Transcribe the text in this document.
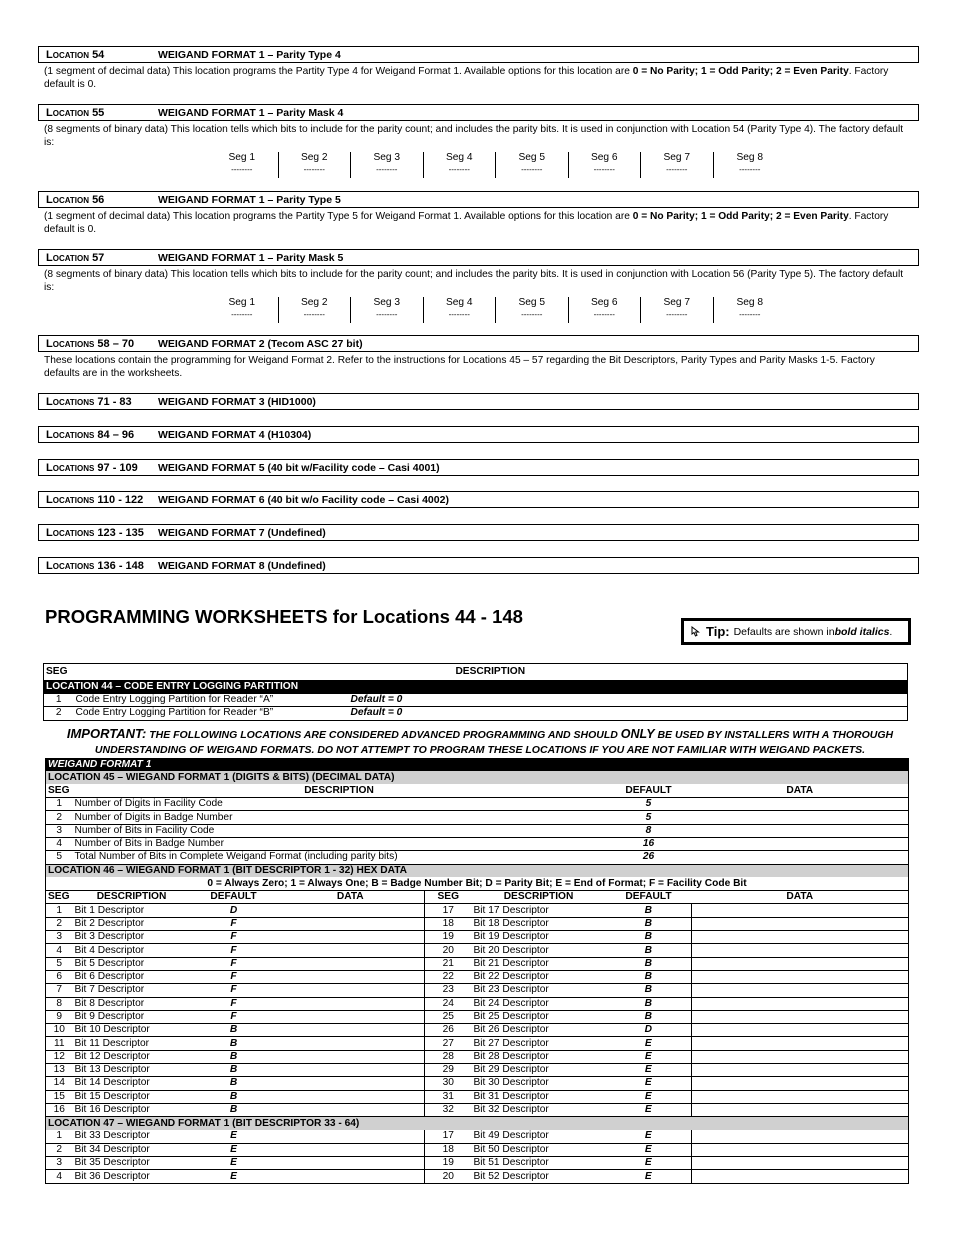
Location 54	WEIGAND FORMAT 1 – Parity Type 4
(1 segment of decimal data) This location programs the Partity Type 4 for Weigand Format 1. Available options for this location are 0 = No Parity; 1 = Odd Parity; 2 = Even Parity. Factory default is 0.
Location 55	WEIGAND FORMAT 1 – Parity Mask 4
(8 segments of binary data) This location tells which bits to include for the parity count; and includes the parity bits. It is used in conjunction with Location 54 (Parity Type 4). The factory default is:
Seg 1
--------
Seg 2
--------
Seg 3
--------
Seg 4
--------
Seg 5
--------
Seg 6
--------
Seg 7
--------
Seg 8
--------
Location 56	WEIGAND FORMAT 1 – Parity Type 5
(1 segment of decimal data) This location programs the Partity Type 5 for Weigand Format 1. Available options for this location are 0 = No Parity; 1 = Odd Parity; 2 = Even Parity. Factory default is 0.
Location 57	WEIGAND FORMAT 1 – Parity Mask 5
(8 segments of binary data) This location tells which bits to include for the parity count; and includes the parity bits. It is used in conjunction with Location 56 (Parity Type 5). The factory default is:
Seg 1
--------
Seg 2
--------
Seg 3
--------
Seg 4
--------
Seg 5
--------
Seg 6
--------
Seg 7
--------
Seg 8
--------
Locations 58 – 70	WEIGAND FORMAT 2 (Tecom ASC 27 bit)
These locations contain the programming for Weigand Format 2. Refer to the instructions for Locations 45 – 57 regarding the Bit Descriptors, Parity Types and Parity Masks 1-5. Factory defaults are in the worksheets.
Locations 71 - 83	WEIGAND FORMAT 3 (HID1000)
Locations 84 – 96	WEIGAND FORMAT 4 (H10304)
Locations 97 - 109	WEIGAND FORMAT 5 (40 bit w/Facility code – Casi 4001)
Locations 110 - 122	WEIGAND FORMAT 6 (40 bit w/o Facility code – Casi 4002)
Locations 123 - 135	WEIGAND FORMAT 7 (Undefined)
Locations 136 - 148	WEIGAND FORMAT 8 (Undefined)
PROGRAMMING WORKSHEETS for Locations 44 - 148
Tip: Defaults are shown in bold italics .
SEG	DESCRIPTION		
LOCATION 44 – CODE ENTRY LOGGING PARTITION			
1	Code Entry Logging Partition for Reader “A”	Default = 0	
2	Code Entry Logging Partition for Reader “B”	Default = 0	
IMPORTANT: THE FOLLOWING LOCATIONS ARE CONSIDERED ADVANCED PROGRAMMING AND SHOULD ONLY BE USED BY INSTALLERS WITH A THOROUGH
UNDERSTANDING OF WEIGAND FORMATS. DO NOT ATTEMPT TO PROGRAM THESE LOCATIONS IF YOU ARE NOT FAMILIAR WITH WEIGAND PACKETS.
WEIGAND FORMAT 1							
LOCATION 45 – WIEGAND FORMAT 1 (DIGITS & BITS) (DECIMAL DATA)							
SEG	DESCRIPTION					DEFAULT	DATA
1	Number of Digits in Facility Code					5	
2	Number of Digits in Badge Number					5	
3	Number of Bits in Facility Code					8	
4	Number of Bits in Badge Number					16	
5	Total Number of Bits in Complete Weigand Format (including parity bits)					26	
LOCATION 46 – WIEGAND FORMAT 1 (BIT DESCRIPTOR 1 - 32) HEX DATA							
0 = Always Zero; 1 = Always One; B = Badge Number Bit; D = Parity Bit; E = End of Format; F = Facility Code Bit							
SEG	DESCRIPTION	DEFAULT	DATA	SEG	DESCRIPTION	DEFAULT	DATA
1	Bit 1 Descriptor	D		17	Bit 17 Descriptor	B	
2	Bit 2 Descriptor	F		18	Bit 18 Descriptor	B	
3	Bit 3 Descriptor	F		19	Bit 19 Descriptor	B	
4	Bit 4 Descriptor	F		20	Bit 20 Descriptor	B	
5	Bit 5 Descriptor	F		21	Bit 21 Descriptor	B	
6	Bit 6 Descriptor	F		22	Bit 22 Descriptor	B	
7	Bit 7 Descriptor	F		23	Bit 23 Descriptor	B	
8	Bit 8 Descriptor	F		24	Bit 24 Descriptor	B	
9	Bit 9 Descriptor	F		25	Bit 25 Descriptor	B	
10	Bit 10 Descriptor	B		26	Bit 26 Descriptor	D	
11	Bit 11 Descriptor	B		27	Bit 27 Descriptor	E	
12	Bit 12 Descriptor	B		28	Bit 28 Descriptor	E	
13	Bit 13 Descriptor	B		29	Bit 29 Descriptor	E	
14	Bit 14 Descriptor	B		30	Bit 30 Descriptor	E	
15	Bit 15 Descriptor	B		31	Bit 31 Descriptor	E	
16	Bit 16 Descriptor	B		32	Bit 32 Descriptor	E	
LOCATION 47 – WIEGAND FORMAT 1 (BIT DESCRIPTOR 33 - 64)							
1	Bit 33 Descriptor	E		17	Bit 49 Descriptor	E	
2	Bit 34 Descriptor	E		18	Bit 50 Descriptor	E	
3	Bit 35 Descriptor	E		19	Bit 51 Descriptor	E	
4	Bit 36 Descriptor	E		20	Bit 52 Descriptor	E	
